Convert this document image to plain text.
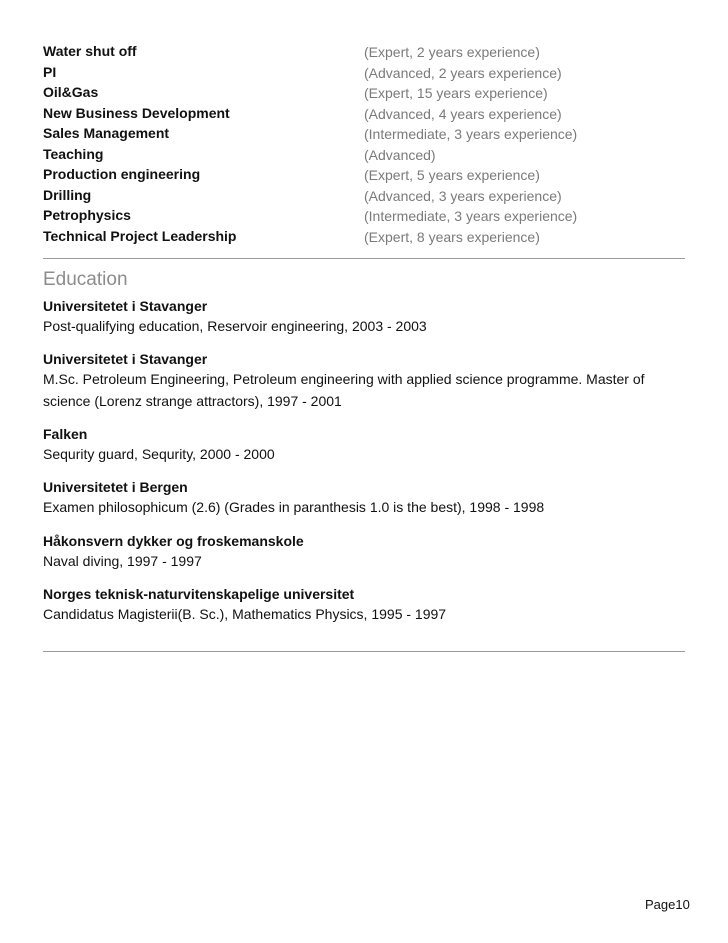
Water shut off	(Expert, 2 years experience)
PI	(Advanced, 2 years experience)
Oil&Gas	(Expert, 15 years experience)
New Business Development	(Advanced, 4 years experience)
Sales Management	(Intermediate, 3 years experience)
Teaching	(Advanced)
Production engineering	(Expert, 5 years experience)
Drilling	(Advanced, 3 years experience)
Petrophysics	(Intermediate, 3 years experience)
Technical Project Leadership	(Expert, 8 years experience)
Education
Universitetet i Stavanger
Post-qualifying education, Reservoir engineering, 2003 - 2003
Universitetet i Stavanger
M.Sc. Petroleum Engineering, Petroleum engineering with applied science programme. Master of science (Lorenz strange attractors), 1997 - 2001
Falken
Sequrity guard, Sequrity, 2000 - 2000
Universitetet i Bergen
Examen philosophicum (2.6) (Grades in paranthesis 1.0 is the best), 1998 - 1998
Håkonsvern dykker og froskemanskole
Naval diving, 1997 - 1997
Norges teknisk-naturvitenskapelige universitet
Candidatus Magisterii(B. Sc.), Mathematics Physics, 1995 - 1997
Page10
